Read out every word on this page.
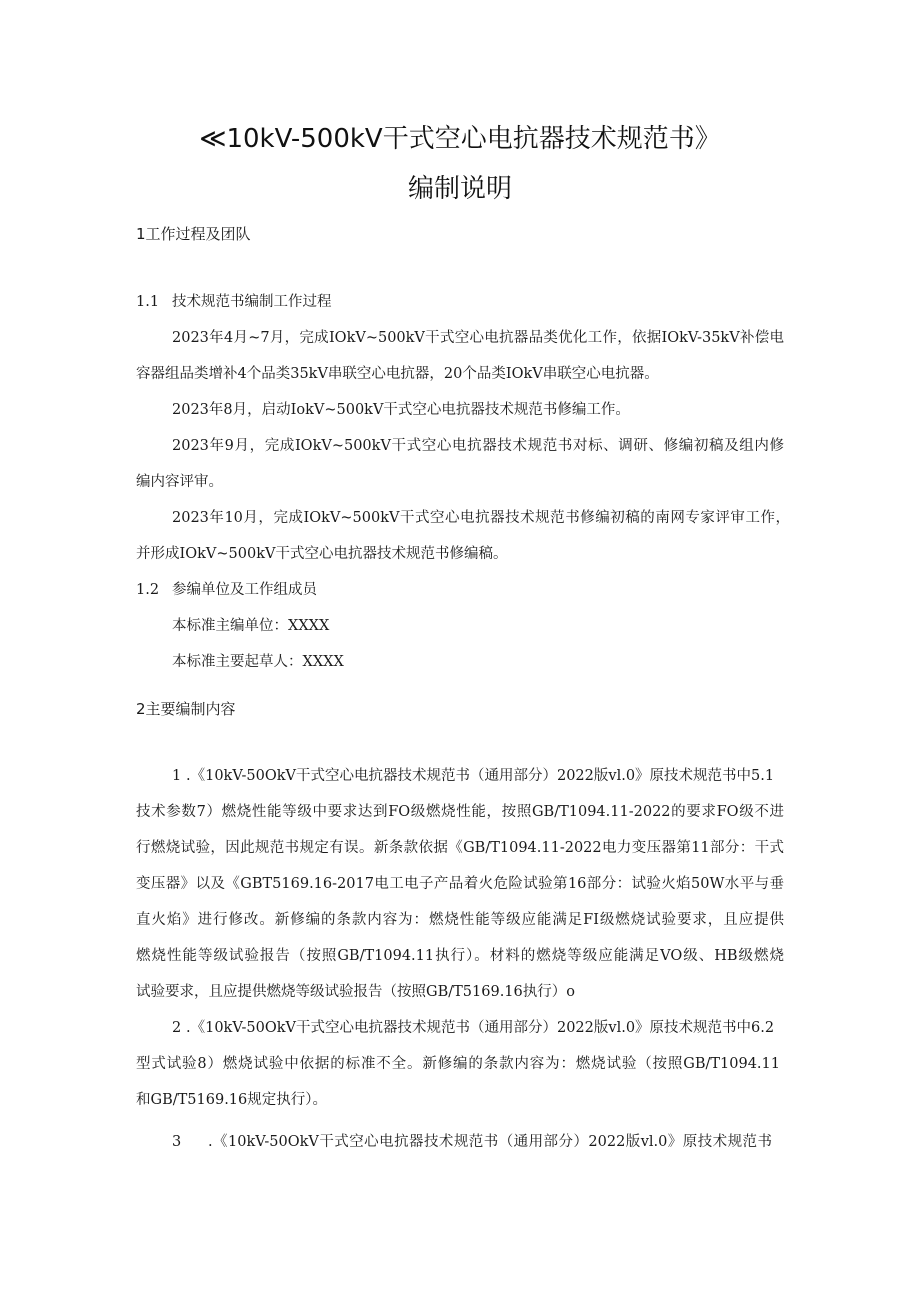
≪10kV-500kV干式空心电抗器技术规范书》
编制说明
1工作过程及团队
1.1 技术规范书编制工作过程
2023年4月~7月，完成IOkV~500kV干式空心电抗器品类优化工作，依据IOkV-35kV补偿电
容器组品类增补4个品类35kV串联空心电抗器，20个品类IOkV串联空心电抗器。
2023年8月，启动IokV~500kV干式空心电抗器技术规范书修编工作。
2023年9月，完成IOkV~500kV干式空心电抗器技术规范书对标、调研、修编初稿及组内修
编内容评审。
2023年10月，完成IOkV~500kV干式空心电抗器技术规范书修编初稿的南网专家评审工作，
并形成IOkV~500kV干式空心电抗器技术规范书修编稿。
1.2 参编单位及工作组成员
本标准主编单位：XXXX
本标准主要起草人：XXXX
2主要编制内容
1 .《10kV-50OkV干式空心电抗器技术规范书（通用部分）2022版vl.0》原技术规范书中5.1
技术参数7）燃烧性能等级中要求达到FO级燃烧性能，按照GB/T1094.11-2022的要求FO级不进
行燃烧试验，因此规范书规定有误。新条款依据《GB/T1094.11-2022电力变压器第11部分：干式
变压器》以及《GBT5169.16-2017电工电子产品着火危险试验第16部分：试验火焰50W水平与垂
直火焰》进行修改。新修编的条款内容为：燃烧性能等级应能满足FI级燃烧试验要求，且应提供
燃烧性能等级试验报告（按照GB/T1094.11执行）。材料的燃烧等级应能满足VO级、HB级燃烧
试验要求，且应提供燃烧等级试验报告（按照GB/T5169.16执行）o
2 .《10kV-50OkV干式空心电抗器技术规范书（通用部分）2022版vl.0》原技术规范书中6.2
型式试验8）燃烧试验中依据的标准不全。新修编的条款内容为：燃烧试验（按照GB/T1094.11
和GB/T5169.16规定执行）。
3 .《10kV-50OkV干式空心电抗器技术规范书（通用部分）2022版vl.0》原技术规范书
